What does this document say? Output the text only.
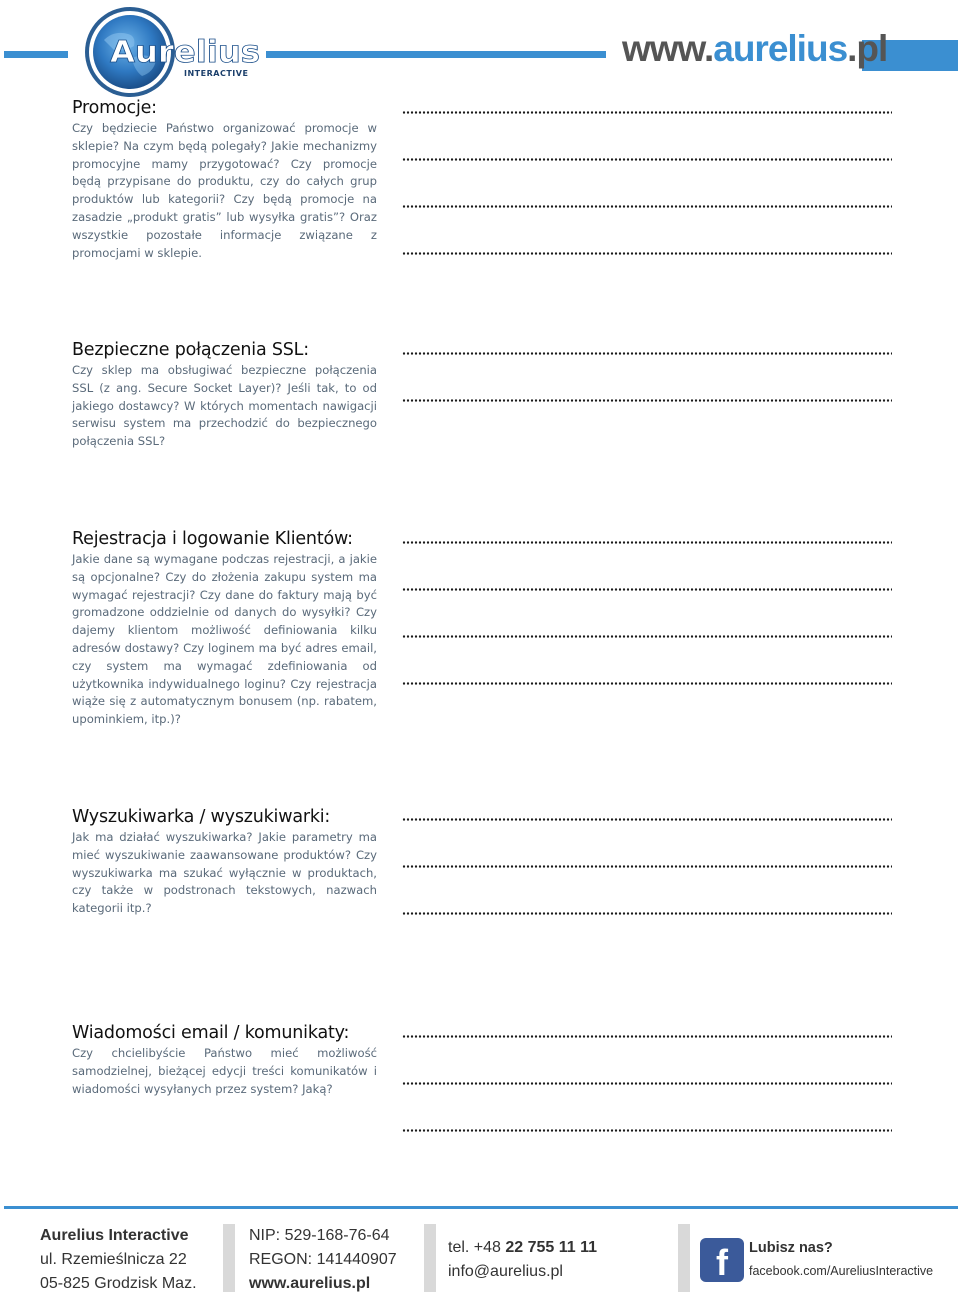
Aurelius
INTERACTIVE
www.aurelius.pl
Promocje:

Czy będziecie Państwo organizować promocje w sklepie? Na czym będą polegały? Jakie mechanizmy promocyjne mamy przygotować? Czy promocje będą przypisane do produktu, czy do całych grup produktów lub kategorii? Czy będą promocje na zasadzie „produkt gratis” lub wysyłka gratis”? Oraz wszystkie pozostałe informacje związane z promocjami w sklepie.

Bezpieczne połączenia SSL:

Czy sklep ma obsługiwać bezpieczne połączenia SSL (z ang. Secure Socket Layer)? Jeśli tak, to od jakiego dostawcy? W których momentach nawigacji serwisu system ma przechodzić do bezpiecznego połączenia SSL?

Rejestracja i logowanie Klientów:

Jakie dane są wymagane podczas rejestracji, a jakie są opcjonalne? Czy do złożenia zakupu system ma wymagać rejestracji? Czy dane do faktury mają być gromadzone oddzielnie od danych do wysyłki? Czy dajemy klientom możliwość definiowania kilku adresów dostawy? Czy loginem ma być adres email, czy system ma wymagać zdefiniowania od użytkownika indywidualnego loginu? Czy rejestracja wiąże się z automatycznym bonusem (np. rabatem, upominkiem, itp.)?

Wyszukiwarka / wyszukiwarki:

Jak ma działać wyszukiwarka? Jakie parametry ma mieć wyszukiwanie zaawansowane produktów? Czy wyszukiwarka ma szukać wyłącznie w produktach, czy także w podstronach tekstowych, nazwach kategorii itp.?

Wiadomości email / komunikaty:

Czy chcielibyście Państwo mieć możliwość samodzielnej, bieżącej edycji treści komunikatów i wiadomości wysyłanych przez system? Jaką?

Aurelius Interactive
ul. Rzemieślnicza 22
05-825 Grodzisk Maz.
NIP: 529-168-76-64
REGON: 141440907
www.aurelius.pl
tel. +48 22 755 11 11
info@aurelius.pl	f	Lubisz nas?
facebook.com/AureliusInteractive
